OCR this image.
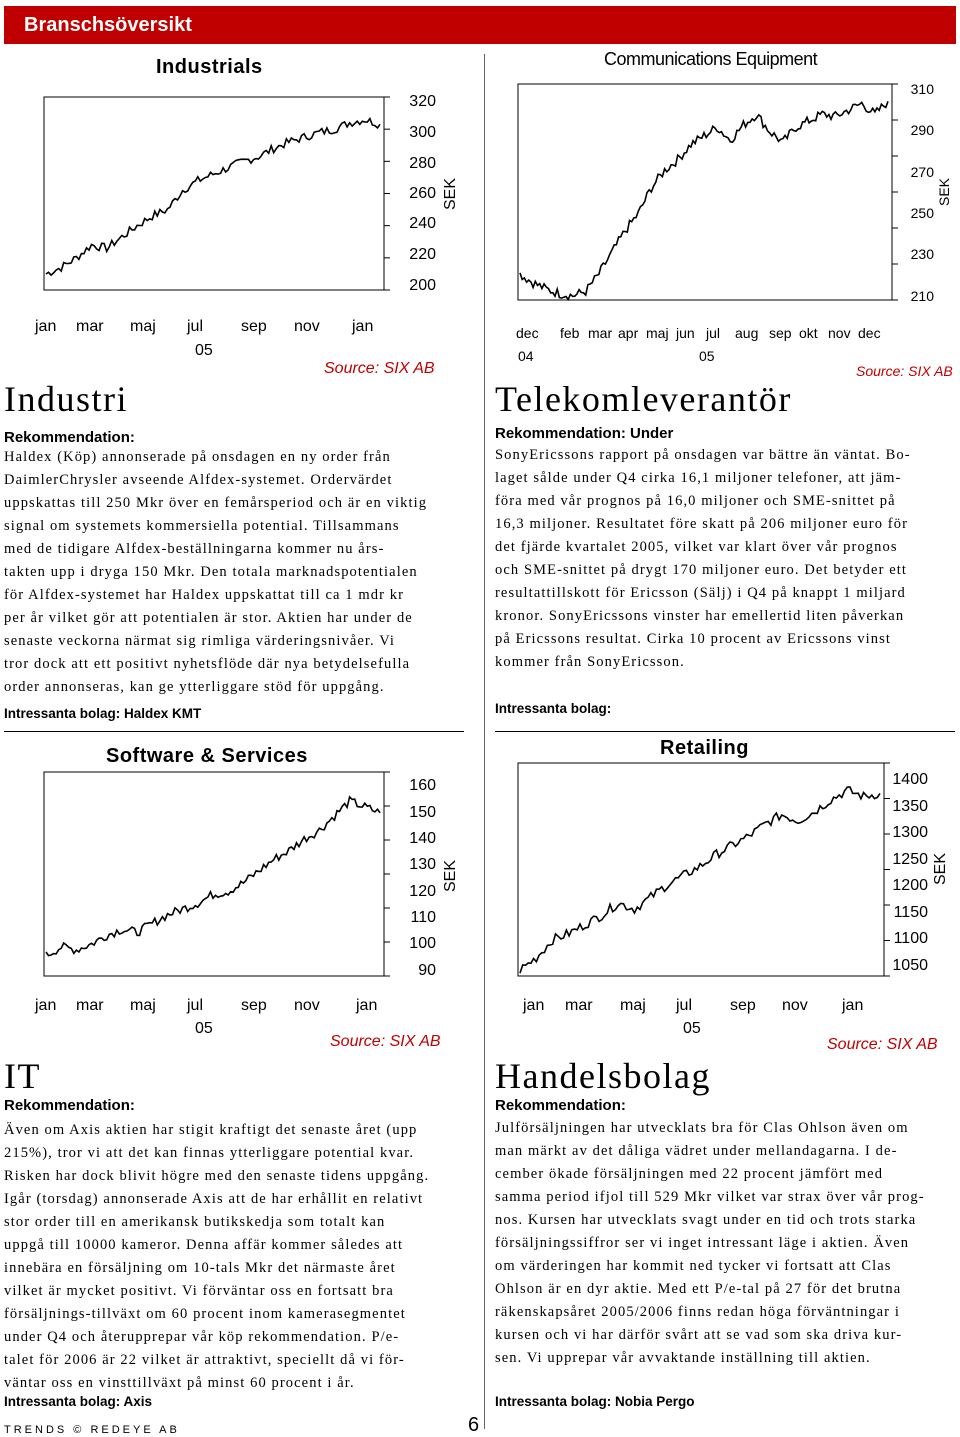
Branschsöversikt
Industrials
320
300
280
260
240
220
200
SEK
jan mar maj jul sep nov jan
05
Source: SIX AB
Industri
Rekommendation:
Haldex (Köp) annonserade på onsdagen en ny order från
DaimlerChrysler avseende Alfdex-systemet. Ordervärdet
uppskattas till 250 Mkr över en femårsperiod och är en viktig
signal om systemets kommersiella potential. Tillsammans
med de tidigare Alfdex-beställningarna kommer nu års-
takten upp i dryga 150 Mkr. Den totala marknadspotentialen
för Alfdex-systemet har Haldex uppskattat till ca 1 mdr kr
per år vilket gör att potentialen är stor. Aktien har under de
senaste veckorna närmat sig rimliga värderingsnivåer. Vi
tror dock att ett positivt nyhetsflöde där nya betydelsefulla
order annonseras, kan ge ytterliggare stöd för uppgång.
Intressanta bolag: Haldex KMT
Communications Equipment
310
290
270
250
230
210
SEK
dec feb mar apr maj jun jul aug sep okt nov dec
04	05
Source: SIX AB
Telekomleverantör
Rekommendation: Under
SonyEricssons rapport på onsdagen var bättre än väntat. Bo-
laget sålde under Q4 cirka 16,1 miljoner telefoner, att jäm-
föra med vår prognos på 16,0 miljoner och SME-snittet på
16,3 miljoner. Resultatet före skatt på 206 miljoner euro för
det fjärde kvartalet 2005, vilket var klart över vår prognos
och SME-snittet på drygt 170 miljoner euro. Det betyder ett
resultattillskott för Ericsson (Sälj) i Q4 på knappt 1 miljard
kronor. SonyEricssons vinster har emellertid liten påverkan
på Ericssons resultat. Cirka 10 procent av Ericssons vinst
kommer från SonyEricsson.
Intressanta bolag:
Software & Services
160
150
140
130
120
110
100
90
SEK
jan mar maj jul sep nov jan
05
Source: SIX AB
IT
Rekommendation:
Även om Axis aktien har stigit kraftigt det senaste året (upp
215%), tror vi att det kan finnas ytterliggare potential kvar.
Risken har dock blivit högre med den senaste tidens uppgång.
Igår (torsdag) annonserade Axis att de har erhållit en relativt
stor order till en amerikansk butikskedja som totalt kan
uppgå till 10000 kameror. Denna affär kommer således att
innebära en försäljning om 10-tals Mkr det närmaste året
vilket är mycket positivt. Vi förväntar oss en fortsatt bra
försäljnings-tillväxt om 60 procent inom kamerasegmentet
under Q4 och återupprepar vår köp rekommendation. P/e-
talet för 2006 är 22 vilket är attraktivt, speciellt då vi för-
väntar oss en vinsttillväxt på minst 60 procent i år.
Intressanta bolag: Axis
Retailing
1400
1350
1300
1250
1200
1150
1100
1050
SEK
jan mar maj jul sep nov jan
05
Source: SIX AB
Handelsbolag
Rekommendation:
Julförsäljningen har utvecklats bra för Clas Ohlson även om
man märkt av det dåliga vädret under mellandagarna. I de-
cember ökade försäljningen med 22 procent jämfört med
samma period ifjol till 529 Mkr vilket var strax över vår prog-
nos. Kursen har utvecklats svagt under en tid och trots starka
försäljningssiffror ser vi inget intressant läge i aktien. Även
om värderingen har kommit ned tycker vi fortsatt att Clas
Ohlson är en dyr aktie. Med ett P/e-tal på 27 för det brutna
räkenskapsåret 2005/2006 finns redan höga förväntningar i
kursen och vi har därför svårt att se vad som ska driva kur-
sen. Vi upprepar vår avvaktande inställning till aktien.
Intressanta bolag: Nobia Pergo
TRENDS © REDEYE AB	6
